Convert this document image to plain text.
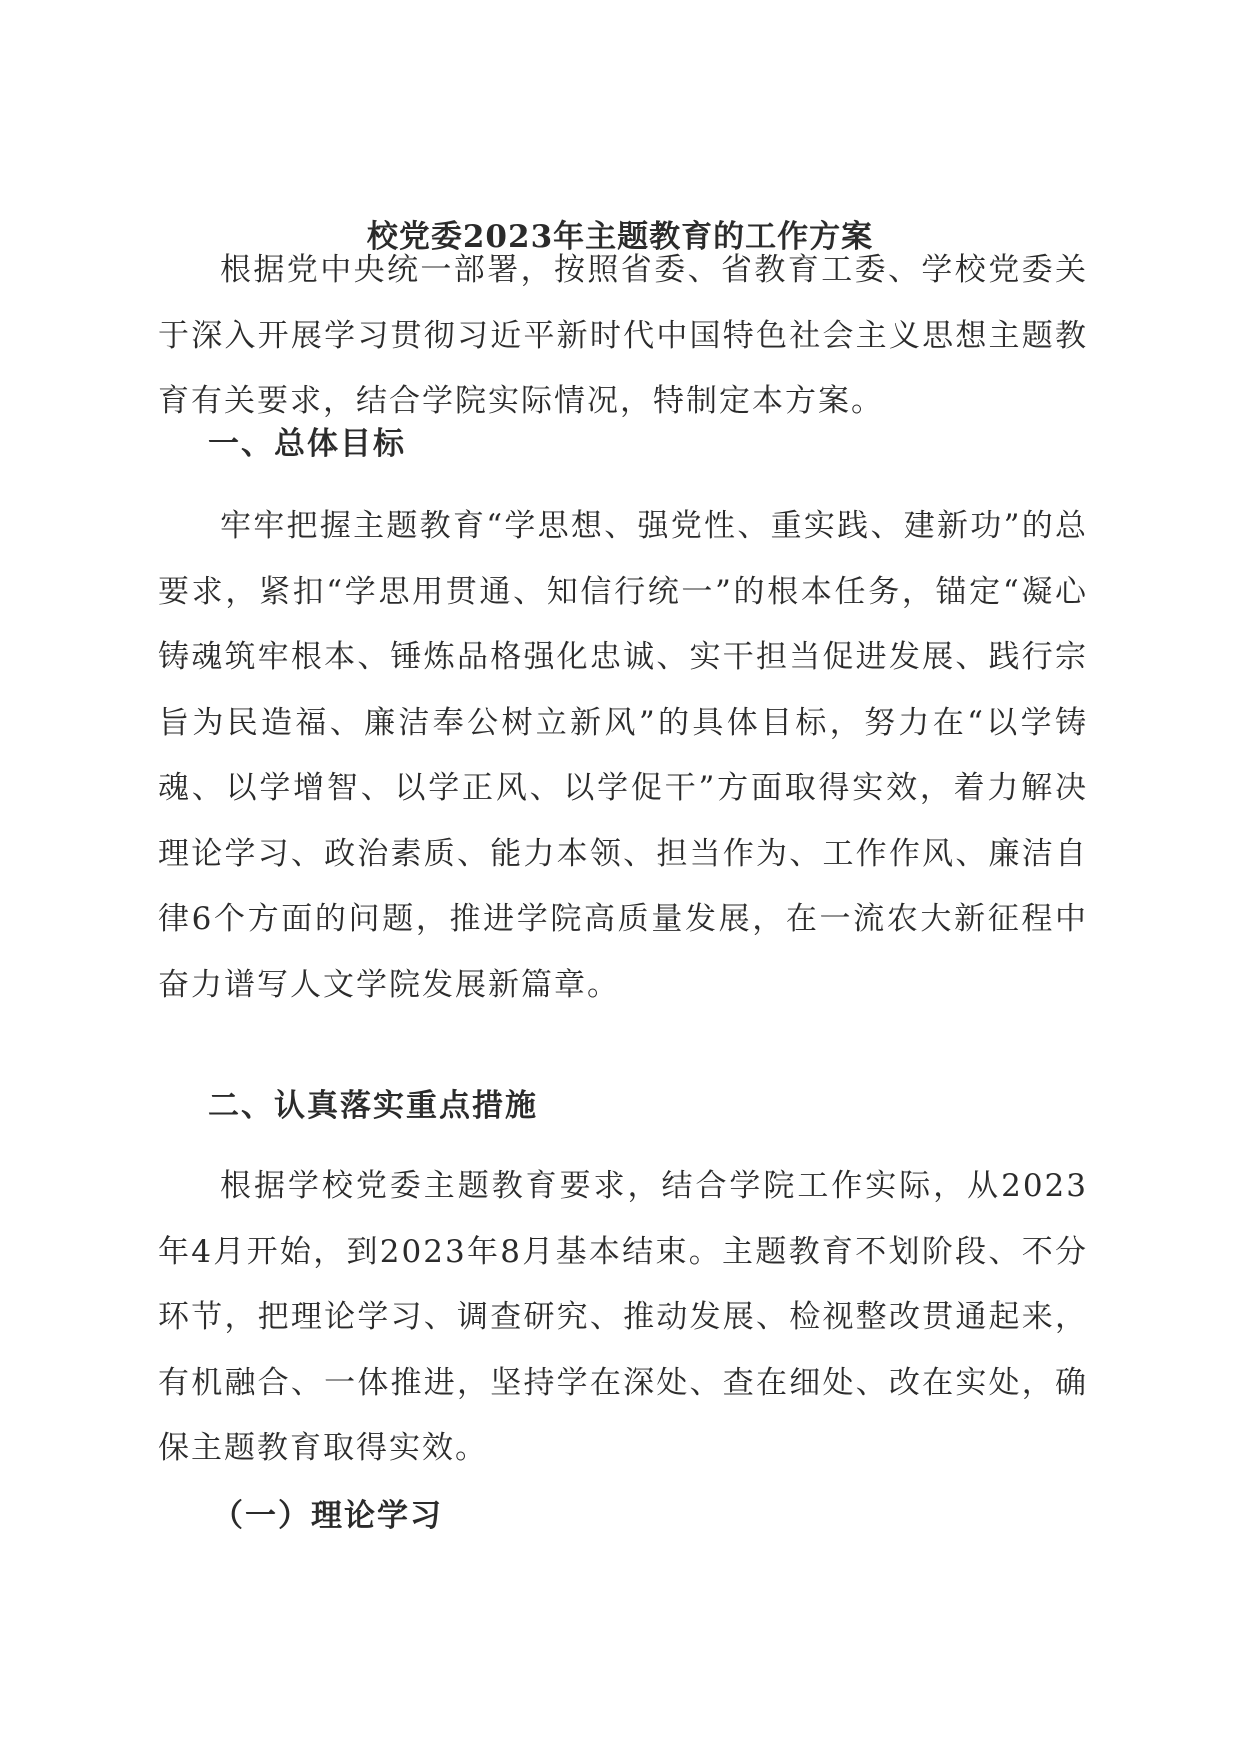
校党委2023年主题教育的工作方案

根据党中央统一部署，按照省委、省教育工委、学校党委关于深入开展学习贯彻习近平新时代中国特色社会主义思想主题教育有关要求，结合学院实际情况，特制定本方案。

一、总体目标

牢牢把握主题教育“学思想、强党性、重实践、建新功”的总要求，紧扣“学思用贯通、知信行统一”的根本任务，锚定“凝心铸魂筑牢根本、锤炼品格强化忠诚、实干担当促进发展、践行宗旨为民造福、廉洁奉公树立新风”的具体目标，努力在“以学铸魂、以学增智、以学正风、以学促干”方面取得实效，着力解决理论学习、政治素质、能力本领、担当作为、工作作风、廉洁自律6个方面的问题，推进学院高质量发展，在一流农大新征程中奋力谱写人文学院发展新篇章。

二、认真落实重点措施

根据学校党委主题教育要求，结合学院工作实际，从2023年4月开始，到2023年8月基本结束。主题教育不划阶段、不分环节，把理论学习、调查研究、推动发展、检视整改贯通起来，有机融合、一体推进，坚持学在深处、查在细处、改在实处，确保主题教育取得实效。

（一）理论学习
